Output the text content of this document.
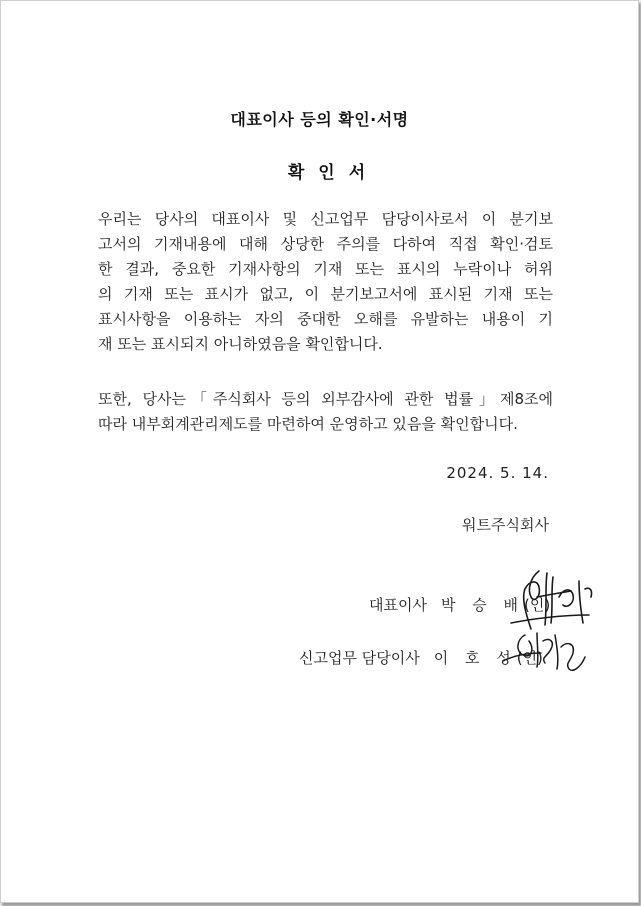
대표이사 등의 확인·서명
확인서
우리는 당사의 대표이사 및 신고업무 담당이사로서 이 분기보
고서의 기재내용에 대해 상당한 주의를 다하여 직접 확인·검토
한 결과, 중요한 기재사항의 기재 또는 표시의 누락이나 허위
의 기재 또는 표시가 없고, 이 분기보고서에 표시된 기재 또는
표시사항을 이용하는 자의 중대한 오해를 유발하는 내용이 기
재 또는 표시되지 아니하였음을 확인합니다.
또한, 당사는「주식회사 등의 외부감사에 관한 법률」제8조에
따라 내부회계관리제도를 마련하여 운영하고 있음을 확인합니다.
2024. 5. 14.
워트주식회사
대표이사 박 승 배(인)
신고업무 담당이사 이 호 성(인)
